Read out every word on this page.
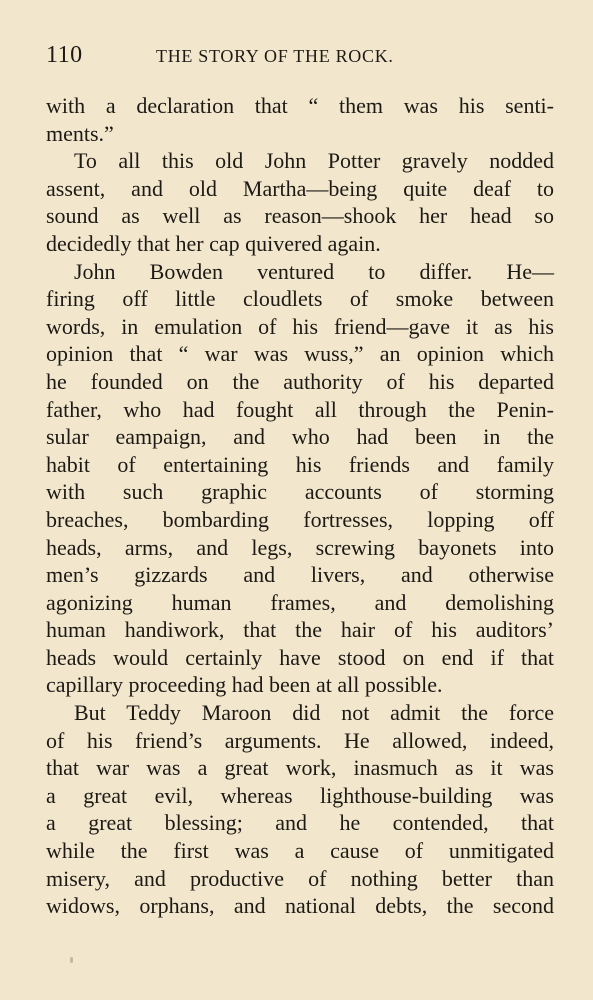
110	THE STORY OF THE ROCK.
with a declaration that “ them was his senti-
ments.”
To all this old John Potter gravely nodded
assent, and old Martha—being quite deaf to
sound as well as reason—shook her head so
decidedly that her cap quivered again.
John Bowden ventured to differ. He—
firing off little cloudlets of smoke between
words, in emulation of his friend—gave it as his
opinion that “ war was wuss,” an opinion which
he founded on the authority of his departed
father, who had fought all through the Penin-
sular eampaign, and who had been in the
habit of entertaining his friends and family
with such graphic accounts of storming
breaches, bombarding fortresses, lopping off
heads, arms, and legs, screwing bayonets into
men’s gizzards and livers, and otherwise
agonizing human frames, and demolishing
human handiwork, that the hair of his auditors’
heads would certainly have stood on end if that
capillary proceeding had been at all possible.
But Teddy Maroon did not admit the force
of his friend’s arguments. He allowed, indeed,
that war was a great work, inasmuch as it was
a great evil, whereas lighthouse-building was
a great blessing; and he contended, that
while the first was a cause of unmitigated
misery, and productive of nothing better than
widows, orphans, and national debts, the second
